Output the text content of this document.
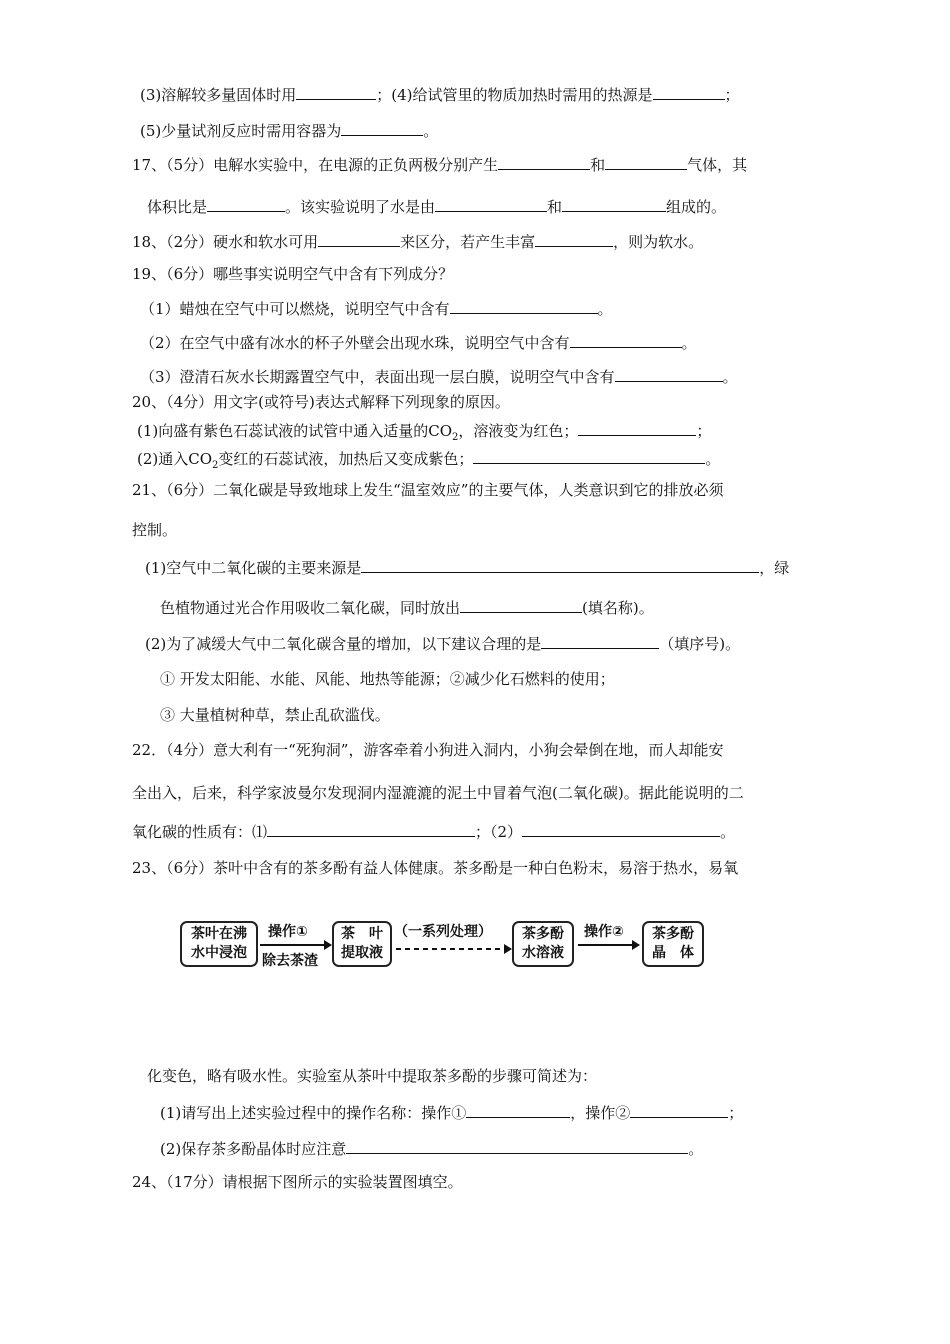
(3)溶解较多量固体时用	；(4)给试管里的物质加热时需用的热源是	；
(5)少量试剂反应时需用容器为	。
17、（5分）电解水实验中，在电源的正负两极分别产生	和	气体，其
体积比是	。该实验说明了水是由	和	组成的。
18、（2分）硬水和软水可用	来区分，若产生丰富	，则为软水。
19、（6分）哪些事实说明空气中含有下列成分？
（1）蜡烛在空气中可以燃烧，说明空气中含有	。
（2）在空气中盛有冰水的杯子外壁会出现水珠，说明空气中含有	。
（3）澄清石灰水长期露置空气中，表面出现一层白膜，说明空气中含有	。
20、（4分）用文字(或符号)表达式解释下列现象的原因。
(1)向盛有紫色石蕊试液的试管中通入适量的$CO_2$，溶液变为红色；	；
(2)通入$CO_2$变红的石蕊试液，加热后又变成紫色；	。
21、（6分）二氧化碳是导致地球上发生“温室效应”的主要气体，人类意识到它的排放必须
控制。
(1)空气中二氧化碳的主要来源是	，绿
色植物通过光合作用吸收二氧化碳，同时放出	(填名称)。
(2)为了减缓大气中二氧化碳含量的增加，以下建议合理的是	（填序号)。
① 开发太阳能、水能、风能、地热等能源；②减少化石燃料的使用；
③ 大量植树种草，禁止乱砍滥伐。
22．（4分）意大利有一“死狗洞”，游客牵着小狗进入洞内，小狗会晕倒在地，而人却能安
全出入，后来，科学家波曼尔发现洞内湿漉漉的泥土中冒着气泡(二氧化碳)。据此能说明的二
氧化碳的性质有：⑴	；（2）	。
23、（6分）茶叶中含有的茶多酚有益人体健康。茶多酚是一种白色粉末，易溶于热水，易氧
茶叶在沸
水中浸泡
操作①
除去茶渣
茶　叶
提取液
（一系列处理）	茶多酚
水溶液
操作②	茶多酚
晶　体
化变色，略有吸水性。实验室从茶叶中提取茶多酚的步骤可简述为：
(1)请写出上述实验过程中的操作名称：操作①	，操作②	；
(2)保存茶多酚晶体时应注意	。
24、（17分）请根据下图所示的实验装置图填空。
